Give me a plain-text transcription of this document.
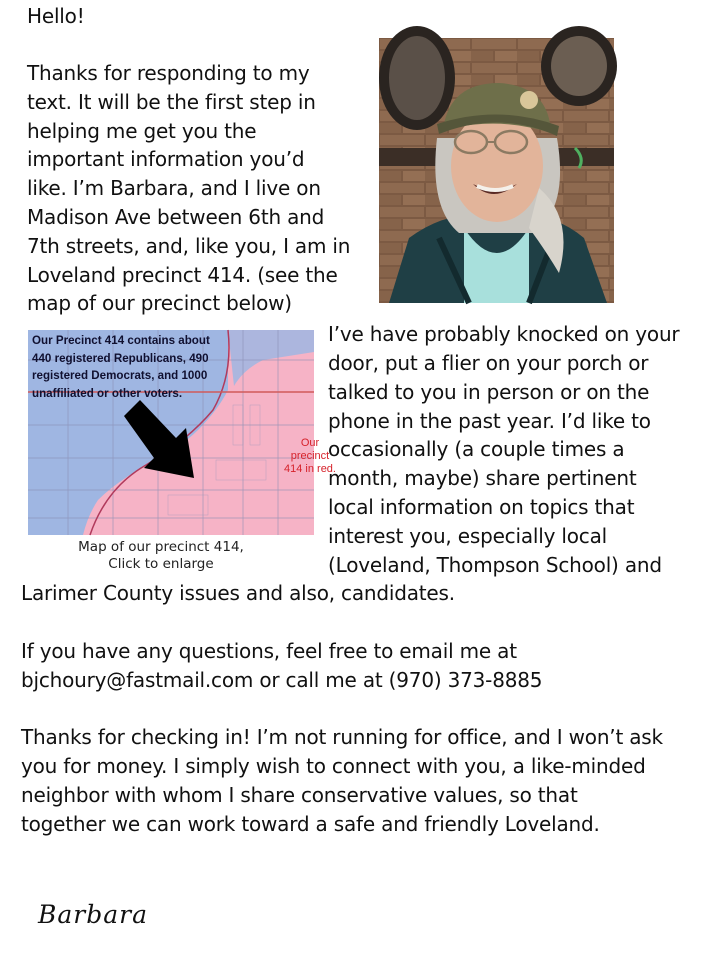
Hello!
Thanks for responding to my
text. It will be the first step in
helping me get you the
important information you’d
like. I’m Barbara, and I live on
Madison Ave between 6th and
7th streets, and, like you, I am in
Loveland precinct 414. (see the
map of our precinct below)
Our Precinct 414 contains about
440 registered Republicans, 490
registered Democrats, and 1000
unaffiliated or other voters.
Our
precinct
414 in red.
Map of our precinct 414,
Click to enlarge
I’ve have probably knocked on your
door, put a flier on your porch or
talked to you in person or on the
phone in the past year. I’d like to
occasionally (a couple times a
month, maybe) share pertinent
local information on topics that
interest you, especially local
(Loveland, Thompson School) and
Larimer County issues and also, candidates.
If you have any questions, feel free to email me at
bjchoury@fastmail.com or call me at (970) 373-8885
Thanks for checking in! I’m not running for office, and I won’t ask
you for money. I simply wish to connect with you, a like-minded
neighbor with whom I share conservative values, so that
together we can work toward a safe and friendly Loveland.
Barbara
